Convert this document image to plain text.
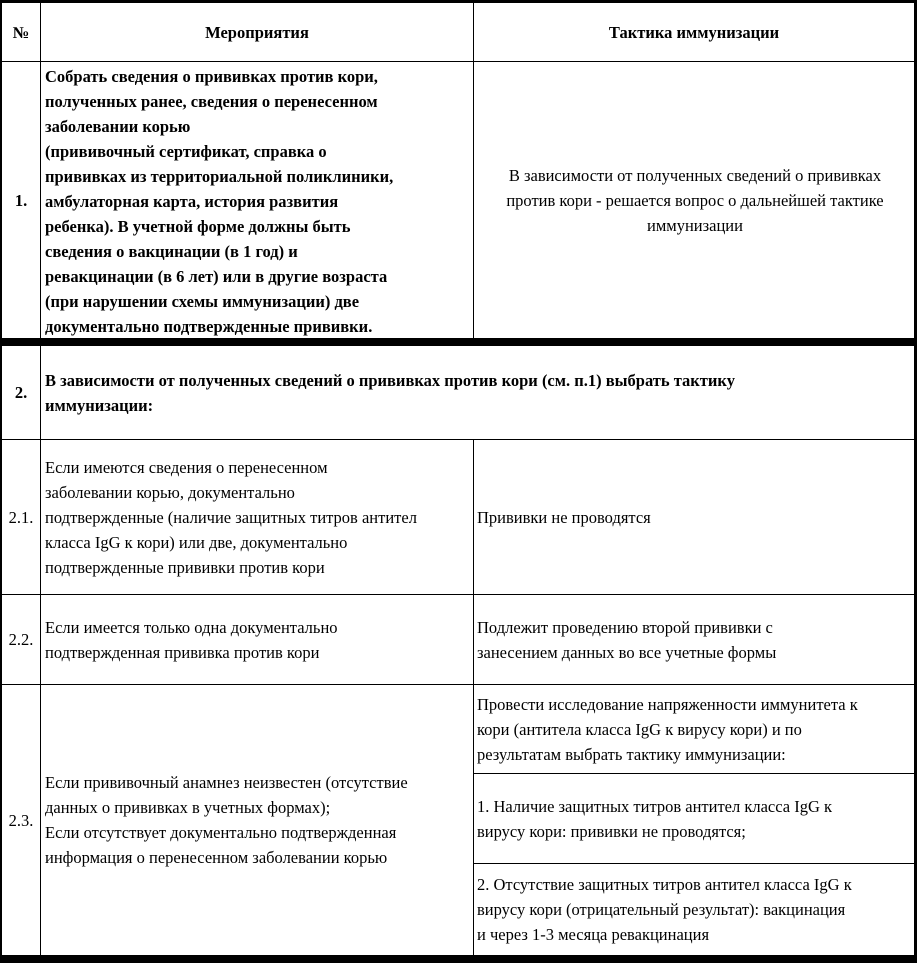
№	Мероприятия	Тактика иммунизации
1.
Собрать сведения о прививках против кори,
полученных ранее, сведения о перенесенном
заболевании корью
(прививочный сертификат, справка о
прививках из территориальной поликлиники,
амбулаторная карта, история развития
ребенка). В учетной форме должны быть
сведения о вакцинации (в 1 год) и
ревакцинации (в 6 лет) или в другие возраста
(при нарушении схемы иммунизации) две
документально подтвержденные прививки.
В зависимости от полученных сведений о прививках
против кори - решается вопрос о дальнейшей тактике
иммунизации
2.
В зависимости от полученных сведений о прививках против кори (см. п.1) выбрать тактику
иммунизации:
2.1.
Если имеются сведения о перенесенном
заболевании корью, документально
подтвержденные (наличие защитных титров антител
класса IgG к кори) или две, документально
подтвержденные прививки против кори
Прививки не проводятся
2.2.
Если имеется только одна документально
подтвержденная прививка против кори
Подлежит проведению второй прививки с
занесением данных во все учетные формы
2.3.
Если прививочный анамнез неизвестен (отсутствие
данных о прививках в учетных формах);
Если отсутствует документально подтвержденная
информация о перенесенном заболевании корью
Провести исследование напряженности иммунитета к
кори (антитела класса IgG к вирусу кори) и по
результатам выбрать тактику иммунизации:
1. Наличие защитных титров антител класса IgG к
вирусу кори: прививки не проводятся;
2. Отсутствие защитных титров антител класса IgG к
вирусу кори (отрицательный результат): вакцинация
и через 1-3 месяца ревакцинация
